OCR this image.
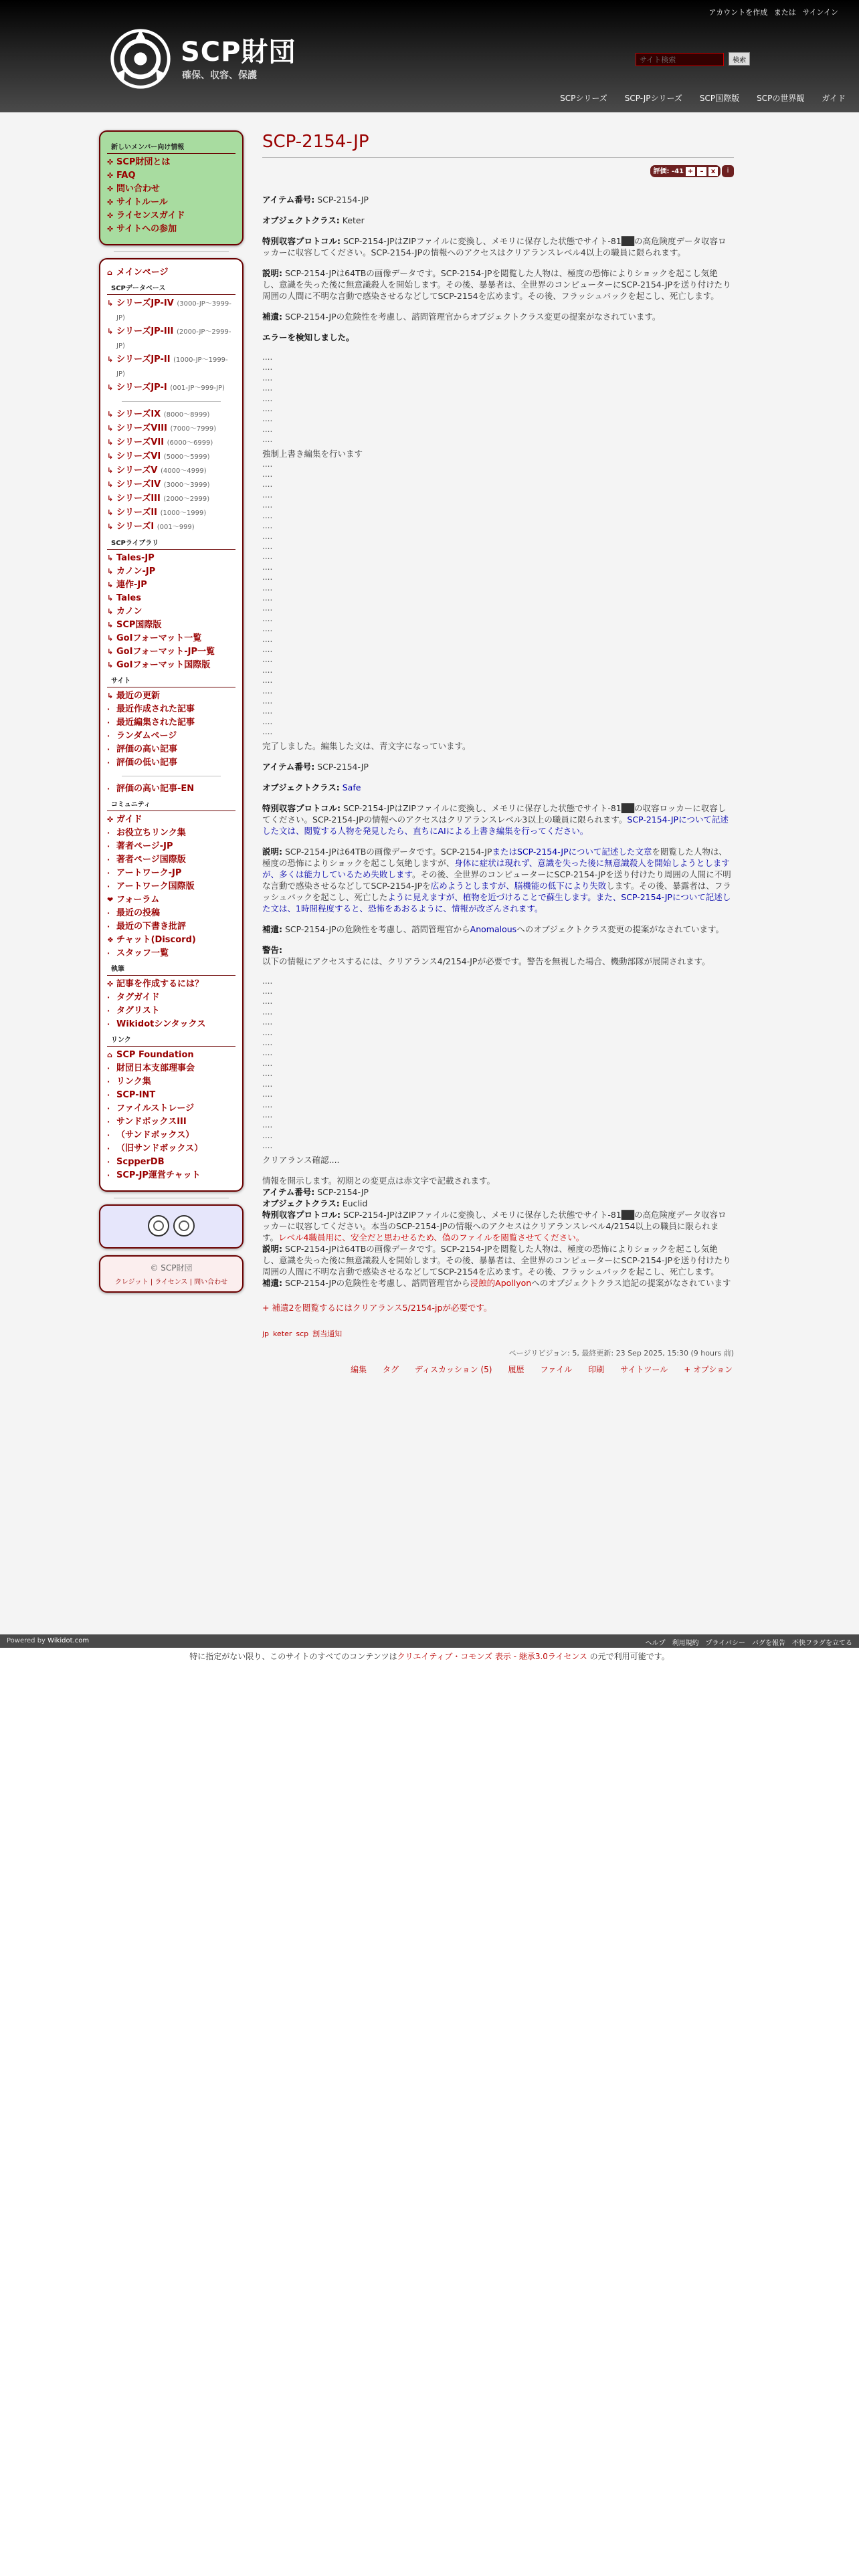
アカウントを作成 または サインイン
SCP財団
確保、収容、保護
サイト検索 検索
SCPシリーズ SCP-JPシリーズ SCP国際版 SCPの世界観 ガイド
新しいメンバー向け情報
✜ SCP財団とは
✜ FAQ
✜ 問い合わせ
✜ サイトルール
✜ ライセンスガイド
✜ サイトへの参加
⌂ メインページ
SCPデータベース
↳ シリーズJP-IV (3000-JP〜3999-JP)
↳ シリーズJP-III (2000-JP〜2999-JP)
↳ シリーズJP-II (1000-JP〜1999-JP)
↳ シリーズJP-I (001-JP〜999-JP)
↳ シリーズIX (8000〜8999)
↳ シリーズVIII (7000〜7999)
↳ シリーズVII (6000〜6999)
↳ シリーズVI (5000〜5999)
↳ シリーズV (4000〜4999)
↳ シリーズIV (3000〜3999)
↳ シリーズIII (2000〜2999)
↳ シリーズII (1000〜1999)
↳ シリーズI (001〜999)
SCPライブラリ
↳ Tales-JP
↳ カノン-JP
↳ 連作-JP
↳ Tales
↳ カノン
↳ SCP国際版
↳ GoIフォーマット一覧
↳ GoIフォーマット-JP一覧
↳ GoIフォーマット国際版
サイト
↳ 最近の更新
· 最近作成された記事
· 最近編集された記事
· ランダムページ
· 評価の高い記事
· 評価の低い記事
· 評価の高い記事-EN
コミュニティ
✜ ガイド
· お役立ちリンク集
· 著者ページ-JP
· 著者ページ国際版
· アートワーク-JP
· アートワーク国際版
❤ フォーラム
· 最近の投稿
· 最近の下書き批評
❖ チャット(Discord)
· スタッフ一覧
執筆
✜ 記事を作成するには？
· タグガイド
· タグリスト
· Wikidotシンタックス
リンク
⌂ SCP Foundation
· 財団日本支部理事会
· リンク集
· SCP-INT
· ファイルストレージ
· サンドボックスIII
· （サンドボックス）
· （旧サンドボックス）
· ScpperDB
· SCP-JP運営チャット
© SCP財団
クレジット | ライセンス | 問い合わせ
SCP-2154-JP
評価: -41 +	–	x	i

アイテム番号: SCP-2154-JP

オブジェクトクラス: Keter

特別収容プロトコル: SCP-2154-JPはZIPファイルに変換し、メモリに保存した状態でサイト-81██の高危険度データ収容ロッカーに収容してください。SCP-2154-JPの情報へのアクセスはクリアランスレベル4以上の職員に限られます。

説明: SCP-2154-JPは64TBの画像データです。SCP-2154-JPを閲覧した人物は、極度の恐怖によりショックを起こし気絶し、意識を失った後に無意識殺人を開始します。その後、暴暴者は、全世界のコンピューターにSCP-2154-JPを送り付けたり周囲の人間に不明な言動で感染させるなどしてSCP-2154を広めます。その後、フラッシュバックを起こし、死亡します。

補遺: SCP-2154-JPの危険性を考慮し、諮問管理官からオブジェクトクラス変更の提案がなされています。

エラーを検知しました。

....
....
....
....
....
....
....
....
....

強制上書き編集を行います

....
....
....
....
....
....
....
....
....
....
....
....
....
....
....
....
....
....
....
....
....
....
....
....
....
....
....

完了しました。編集した文は、青文字になっています。

アイテム番号: SCP-2154-JP

オブジェクトクラス: Safe

特別収容プロトコル: SCP-2154-JPはZIPファイルに変換し、メモリに保存した状態でサイト-81██の収容ロッカーに収容してください。SCP-2154-JPの情報へのアクセスはクリアランスレベル3以上の職員に限られます。SCP-2154-JPについて記述した文は、閲覧する人物を発見したら、直ちにAIによる上書き編集を行ってください。

説明: SCP-2154-JPは64TBの画像データです。SCP-2154-JPまたはSCP-2154-JPについて記述した文章を閲覧した人物は、極度の恐怖によりショックを起こし気絶しますが、身体に症状は現れず、意識を失った後に無意識殺人を開始しようとしますが、多くは能力しているため失敗します。その後、全世界のコンピューターにSCP-2154-JPを送り付けたり周囲の人間に不明な言動で感染させるなどしてSCP-2154-JPを広めようとしますが、脳機能の低下により失敗します。その後、暴露者は、フラッシュバックを起こし、死亡したように見えますが、植物を近づけることで蘇生します。また、SCP-2154-JPについて記述した文は、1時間程度すると、恐怖をあおるように、情報が改ざんされます。

補遺: SCP-2154-JPの危険性を考慮し、諮問管理官からAnomalousへのオブジェクトクラス変更の提案がなされています。

警告:
以下の情報にアクセスするには、クリアランス4/2154-JPが必要です。警告を無視した場合、機動部隊が展開されます。

....
....
....
....
....
....
....
....
....
....
....
....
....
....
....
....
....

クリアランス確認....

情報を開示します。初期との変更点は赤文字で記載されます。

アイテム番号: SCP-2154-JP

オブジェクトクラス: Euclid

特別収容プロトコル: SCP-2154-JPはZIPファイルに変換し、メモリに保存した状態でサイト-81██の高危険度データ収容ロッカーに収容してください。本当のSCP-2154-JPの情報へのアクセスはクリアランスレベル4/2154以上の職員に限られます。レベル4職員用に、安全だと思わせるため、偽のファイルを閲覧させてください。

説明: SCP-2154-JPは64TBの画像データです。SCP-2154-JPを閲覧した人物は、極度の恐怖によりショックを起こし気絶し、意識を失った後に無意識殺人を開始します。その後、暴暴者は、全世界のコンピューターにSCP-2154-JPを送り付けたり周囲の人間に不明な言動で感染させるなどしてSCP-2154を広めます。その後、フラッシュバックを起こし、死亡します。

補遺: SCP-2154-JPの危険性を考慮し、諮問管理官から浸蝕的Apollyonへのオブジェクトクラス追記の提案がなされています

+ 補遺2を閲覧するにはクリアランス5/2154-jpが必要です。
jp keter scp 割当通知
ページリビジョン: 5, 最終更新: 23 Sep 2025, 15:30 (9 hours 前)
編集 タグ ディスカッション (5) 履歴 ファイル 印刷 サイトツール + オプション
Powered by Wikidot.com	ヘルプ 利用規約 プライバシー バグを報告 不快フラグを立てる
特に指定がない限り、このサイトのすべてのコンテンツはクリエイティブ・コモンズ 表示 - 継承3.0ライセンス の元で利用可能です。
